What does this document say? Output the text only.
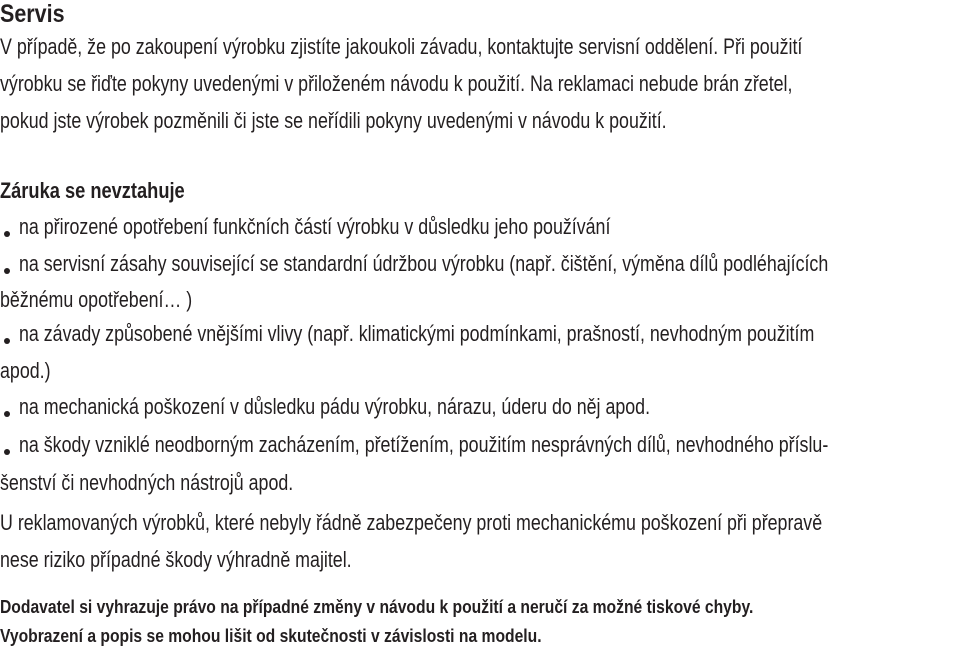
Servis
V případě, že po zakoupení výrobku zjistíte jakoukoli závadu, kontaktujte servisní oddělení. Při použití
výrobku se řiďte pokyny uvedenými v přiloženém návodu k použití. Na reklamaci nebude brán zřetel,
pokud jste výrobek pozměnili či jste se neřídili pokyny uvedenými v návodu k použití.
Záruka se nevztahuje
na přirozené opotřebení funkčních částí výrobku v důsledku jeho používání
na servisní zásahy související se standardní údržbou výrobku (např. čištění, výměna dílů podléhajících
běžnému opotřebení… )
na závady způsobené vnějšími vlivy (např. klimatickými podmínkami, prašností, nevhodným použitím
apod.)
na mechanická poškození v důsledku pádu výrobku, nárazu, úderu do něj apod.
na škody vzniklé neodborným zacházením, přetížením, použitím nesprávných dílů, nevhodného příslu-
šenství či nevhodných nástrojů apod.
U reklamovaných výrobků, které nebyly řádně zabezpečeny proti mechanickému poškození při přepravě
nese riziko případné škody výhradně majitel.
Dodavatel si vyhrazuje právo na případné změny v návodu k použití a neručí za možné tiskové chyby.
Vyobrazení a popis se mohou lišit od skutečnosti v závislosti na modelu.
